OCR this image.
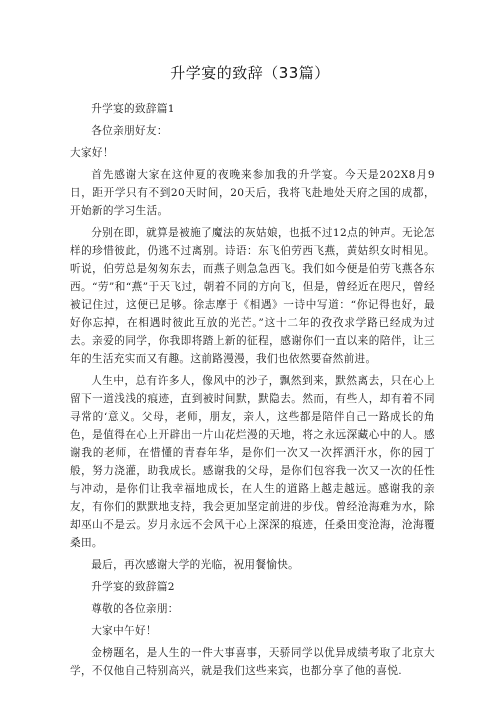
升学宴的致辞（33篇）

升学宴的致辞篇1

各位亲朋好友：

大家好！

首先感谢大家在这仲夏的夜晚来参加我的升学宴。今天是202X8月9日，距开学只有不到20天时间，20天后，我将飞赴地处天府之国的成都，开始新的学习生活。

分别在即，就算是被施了魔法的灰姑娘，也抵不过12点的钟声。无论怎样的珍惜彼此，仍逃不过离别。诗语：东飞伯劳西飞燕，黄姑织女时相见。听说，伯劳总是匆匆东去，而燕子则急急西飞。我们如今便是伯劳飞燕各东西。“劳”和“燕”于天飞过，朝着不同的方向飞，但是，曾经近在咫尺，曾经被记住过，这便已足够。徐志摩于《相遇》一诗中写道：“你记得也好，最好你忘掉，在相遇时彼此互放的光芒。”这十二年的孜孜求学路已经成为过去。亲爱的同学，你我即将踏上新的征程，感谢你们一直以来的陪伴，让三年的生活充实而又有趣。这前路漫漫，我们也依然要奋然前进。

人生中，总有许多人，像风中的沙子，飘然到来，默然离去，只在心上留下一道浅浅的痕迹，直到被时间默，默隐去。然而，有些人，却有着不同寻常的‘意义。父母，老师，朋友，亲人，这些都是陪伴自己一路成长的角色，是值得在心上开辟出一片山花烂漫的天地，将之永远深藏心中的人。感谢我的老师，在惜懂的青春年华，是你们一次又一次挥洒汗水，你的园丁般，努力浇灌，助我成长。感谢我的父母，是你们包容我一次又一次的任性与冲动，是你们让我幸福地成长，在人生的道路上越走越远。感谢我的亲友，有你们的默默地支持，我会更加坚定前进的步伐。曾经沧海难为水，除却巫山不是云。岁月永远不会风干心上深深的痕迹，任桑田变沧海，沧海覆桑田。

最后，再次感谢大学的光临，祝用餐愉快。

升学宴的致辞篇2

尊敬的各位亲朋：

大家中午好！

金榜题名，是人生的一件大事喜事，天骄同学以优异成绩考取了北京大学，不仅他自己特别高兴，就是我们这些来宾，也都分享了他的喜悦.
